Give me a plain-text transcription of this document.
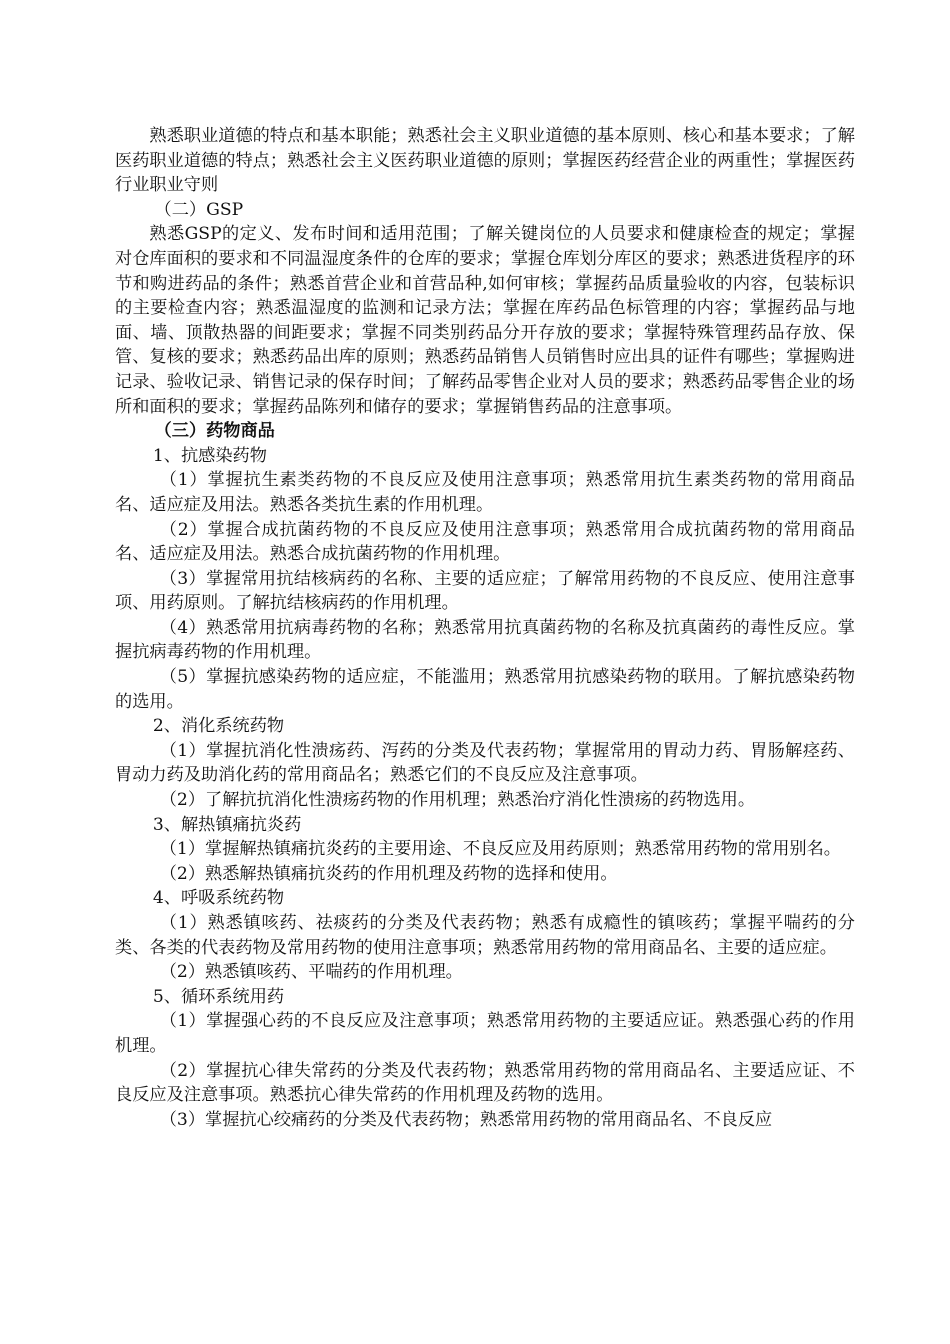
熟悉职业道德的特点和基本职能；熟悉社会主义职业道德的基本原则、核心和基本要求；了解医药职业道德的特点；熟悉社会主义医药职业道德的原则；掌握医药经营企业的两重性；掌握医药行业职业守则

（二）GSP

熟悉GSP的定义、发布时间和适用范围；了解关键岗位的人员要求和健康检查的规定；掌握对仓库面积的要求和不同温湿度条件的仓库的要求；掌握仓库划分库区的要求；熟悉进货程序的环节和购进药品的条件；熟悉首营企业和首营品种,如何审核；掌握药品质量验收的内容，包装标识的主要检查内容；熟悉温湿度的监测和记录方法；掌握在库药品色标管理的内容；掌握药品与地面、墙、顶散热器的间距要求；掌握不同类别药品分开存放的要求；掌握特殊管理药品存放、保管、复核的要求；熟悉药品出库的原则；熟悉药品销售人员销售时应出具的证件有哪些；掌握购进记录、验收记录、销售记录的保存时间；了解药品零售企业对人员的要求；熟悉药品零售企业的场所和面积的要求；掌握药品陈列和储存的要求；掌握销售药品的注意事项。

（三）药物商品

1、抗感染药物

（1）掌握抗生素类药物的不良反应及使用注意事项；熟悉常用抗生素类药物的常用商品名、适应症及用法。熟悉各类抗生素的作用机理。

（2）掌握合成抗菌药物的不良反应及使用注意事项；熟悉常用合成抗菌药物的常用商品名、适应症及用法。熟悉合成抗菌药物的作用机理。

（3）掌握常用抗结核病药的名称、主要的适应症；了解常用药物的不良反应、使用注意事项、用药原则。了解抗结核病药的作用机理。

（4）熟悉常用抗病毒药物的名称；熟悉常用抗真菌药物的名称及抗真菌药的毒性反应。掌握抗病毒药物的作用机理。

（5）掌握抗感染药物的适应症，不能滥用；熟悉常用抗感染药物的联用。了解抗感染药物的选用。

2、消化系统药物

（1）掌握抗消化性溃疡药、泻药的分类及代表药物；掌握常用的胃动力药、胃肠解痉药、胃动力药及助消化药的常用商品名；熟悉它们的不良反应及注意事项。

（2）了解抗抗消化性溃疡药物的作用机理；熟悉治疗消化性溃疡的药物选用。

3、解热镇痛抗炎药

（1）掌握解热镇痛抗炎药的主要用途、不良反应及用药原则；熟悉常用药物的常用别名。

（2）熟悉解热镇痛抗炎药的作用机理及药物的选择和使用。

4、呼吸系统药物

（1）熟悉镇咳药、祛痰药的分类及代表药物；熟悉有成瘾性的镇咳药；掌握平喘药的分类、各类的代表药物及常用药物的使用注意事项；熟悉常用药物的常用商品名、主要的适应症。

（2）熟悉镇咳药、平喘药的作用机理。

5、循环系统用药

（1）掌握强心药的不良反应及注意事项；熟悉常用药物的主要适应证。熟悉强心药的作用机理。

（2）掌握抗心律失常药的分类及代表药物；熟悉常用药物的常用商品名、主要适应证、不良反应及注意事项。熟悉抗心律失常药的作用机理及药物的选用。

（3）掌握抗心绞痛药的分类及代表药物；熟悉常用药物的常用商品名、不良反应
